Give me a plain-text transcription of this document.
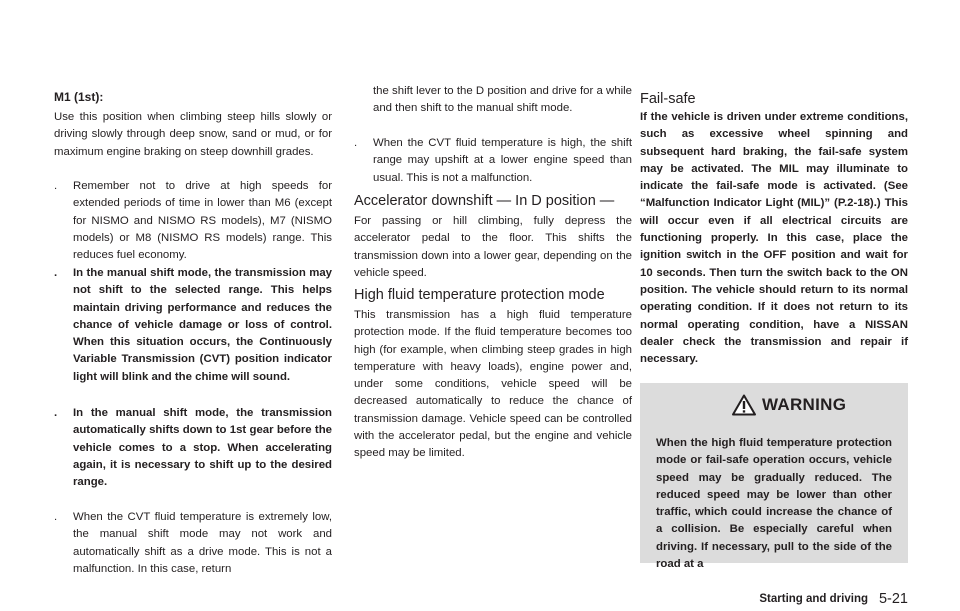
M1 (1st):

Use this position when climbing steep hills slowly or driving slowly through deep snow, sand or mud, or for maximum engine braking on steep downhill grades.

. Remember not to drive at high speeds for extended periods of time in lower than M6 (except for NISMO and NISMO RS models), M7 (NISMO models) or M8 (NISMO RS models) range. This reduces fuel economy.
. In the manual shift mode, the transmission may not shift to the selected range. This helps maintain driving performance and reduces the chance of vehicle damage or loss of control. When this situation occurs, the Continuously Variable Transmission (CVT) position indicator light will blink and the chime will sound.
. In the manual shift mode, the transmission automatically shifts down to 1st gear before the vehicle comes to a stop. When accelerating again, it is necessary to shift up to the desired range.
. When the CVT fluid temperature is extremely low, the manual shift mode may not work and automatically shift as a drive mode. This is not a malfunction. In this case, return
the shift lever to the D position and drive for a while and then shift to the manual shift mode.
. When the CVT fluid temperature is high, the shift range may upshift at a lower engine speed than usual. This is not a malfunction.
Accelerator downshift — In D position —

For passing or hill climbing, fully depress the accelerator pedal to the floor. This shifts the transmission down into a lower gear, depending on the vehicle speed.

High fluid temperature protection mode

This transmission has a high fluid temperature protection mode. If the fluid temperature becomes too high (for example, when climbing steep grades in high temperature with heavy loads), engine power and, under some conditions, vehicle speed will be decreased automatically to reduce the chance of transmission damage. Vehicle speed can be controlled with the accelerator pedal, but the engine and vehicle speed may be limited.

Fail-safe

If the vehicle is driven under extreme conditions, such as excessive wheel spinning and subsequent hard braking, the fail-safe system may be activated. The MIL may illuminate to indicate the fail-safe mode is activated. (See “Malfunction Indicator Light (MIL)” (P.2-18).) This will occur even if all electrical circuits are functioning properly. In this case, place the ignition switch in the OFF position and wait for 10 seconds. Then turn the switch back to the ON position. The vehicle should return to its normal operating condition. If it does not return to its normal operating condition, have a NISSAN dealer check the transmission and repair if necessary.

WARNING

When the high fluid temperature protection mode or fail-safe operation occurs, vehicle speed may be gradually reduced. The reduced speed may be lower than other traffic, which could increase the chance of a collision. Be especially careful when driving. If necessary, pull to the side of the road at a

Starting and driving 5-21
